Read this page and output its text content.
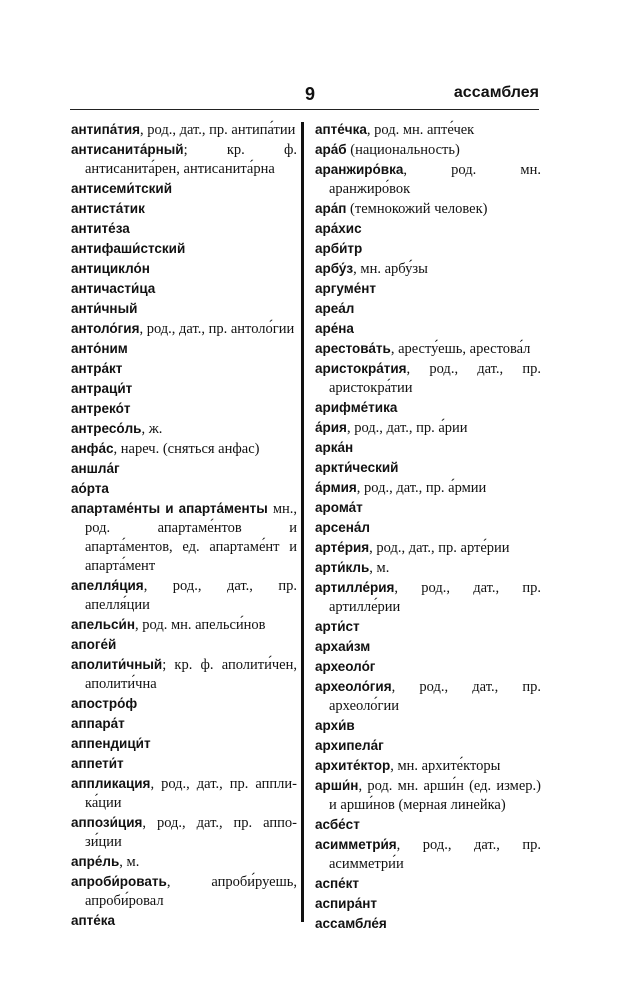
9	ассамблея
антипа́тия, род., дат., пр. антипа́тии
антисанита́рный; кр. ф. антисанита́рен, антисанита́рна
антисеми́тский
антиста́тик
антите́за
антифаши́стский
антицикло́н
античасти́ца
анти́чный
антоло́гия, род., дат., пр. антоло́гии
анто́ним
антра́кт
антраци́т
антреко́т
антресо́ль, ж.
анфа́с, нареч. (сняться анфас)
аншла́г
ао́рта
апартаме́нты и aпарта́менты мн., род. апартаме́нтов и апарта́ментов, ед. апартаме́нт и апарта́мент
апелля́ция, род., дат., пр. апелля́ции
апельси́н, род. мн. апельси́нов
апоге́й
аполити́чный; кр. ф. аполити́чен, аполити́чна
апостро́ф
аппара́т
аппендици́т
аппети́т
аппликация, род., дат., пр. аппли-ка́ции
аппози́ция, род., дат., пр. аппо-зи́ции
апре́ль, м.
апроби́ровать, апроби́руешь, апроби́ровал
апте́ка
апте́чка, род. мн. апте́чек
ара́б (национальность)
аранжиро́вка, род. мн. аранжиро́вок
ара́п (темнокожий человек)
ара́хис
арби́тр
арбу́з, мн. арбу́зы
аргуме́нт
ареа́л
аре́на
арестова́ть, аресту́ешь, арестова́л
аристокра́тия, род., дат., пр. аристокра́тии
арифме́тика
а́рия, род., дат., пр. а́рии
арка́н
аркти́ческий
а́рмия, род., дат., пр. а́рмии
арома́т
арсена́л
арте́рия, род., дат., пр. арте́рии
арти́кль, м.
артилле́рия, род., дат., пр. артилле́рии
арти́ст
архаи́зм
археоло́г
археоло́гия, род., дат., пр. археоло́гии
архи́в
архипела́г
архите́ктор, мн. архите́кторы
арши́н, род. мн. арши́н (ед. измер.) и арши́нов (мерная линейка)
асбе́ст
асимметри́я, род., дат., пр. асимметри́и
аспе́кт
аспира́нт
ассамбле́я
